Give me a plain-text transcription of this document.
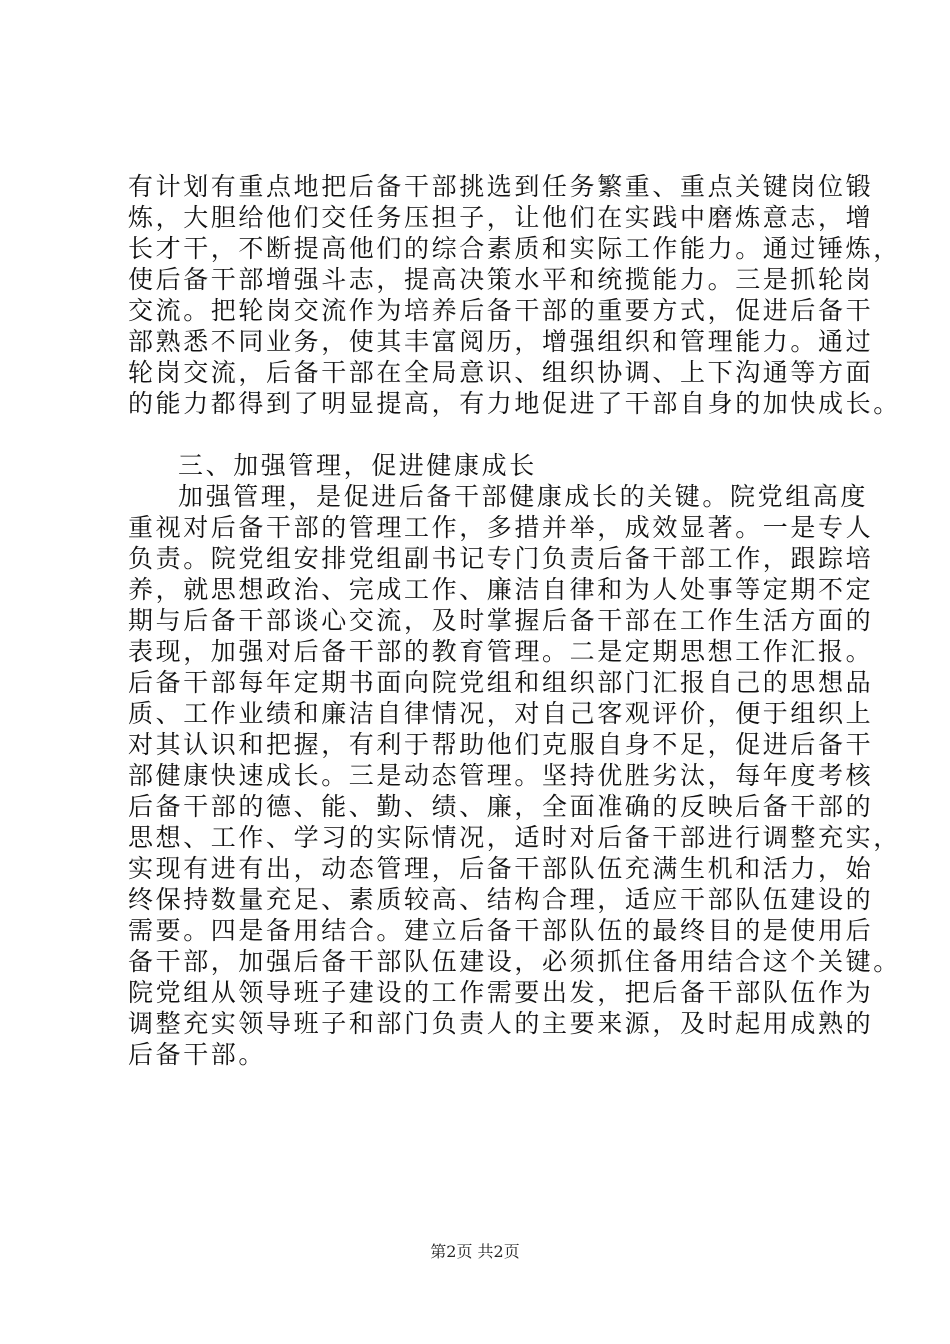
有计划有重点地把后备干部挑选到任务繁重、重点关键岗位锻
炼，大胆给他们交任务压担子，让他们在实践中磨炼意志，增
长才干，不断提高他们的综合素质和实际工作能力。通过锤炼，
使后备干部增强斗志，提高决策水平和统揽能力。三是抓轮岗
交流。把轮岗交流作为培养后备干部的重要方式，促进后备干
部熟悉不同业务，使其丰富阅历，增强组织和管理能力。通过
轮岗交流，后备干部在全局意识、组织协调、上下沟通等方面
的能力都得到了明显提高，有力地促进了干部自身的加快成长。
三、加强管理，促进健康成长
加强管理，是促进后备干部健康成长的关键。院党组高度
重视对后备干部的管理工作，多措并举，成效显著。一是专人
负责。院党组安排党组副书记专门负责后备干部工作，跟踪培
养，就思想政治、完成工作、廉洁自律和为人处事等定期不定
期与后备干部谈心交流，及时掌握后备干部在工作生活方面的
表现，加强对后备干部的教育管理。二是定期思想工作汇报。
后备干部每年定期书面向院党组和组织部门汇报自己的思想品
质、工作业绩和廉洁自律情况，对自己客观评价，便于组织上
对其认识和把握，有利于帮助他们克服自身不足，促进后备干
部健康快速成长。三是动态管理。坚持优胜劣汰，每年度考核
后备干部的德、能、勤、绩、廉，全面准确的反映后备干部的
思想、工作、学习的实际情况，适时对后备干部进行调整充实，
实现有进有出，动态管理，后备干部队伍充满生机和活力，始
终保持数量充足、素质较高、结构合理，适应干部队伍建设的
需要。四是备用结合。建立后备干部队伍的最终目的是使用后
备干部，加强后备干部队伍建设，必须抓住备用结合这个关键。
院党组从领导班子建设的工作需要出发，把后备干部队伍作为
调整充实领导班子和部门负责人的主要来源，及时起用成熟的
后备干部。
第2页 共2页
